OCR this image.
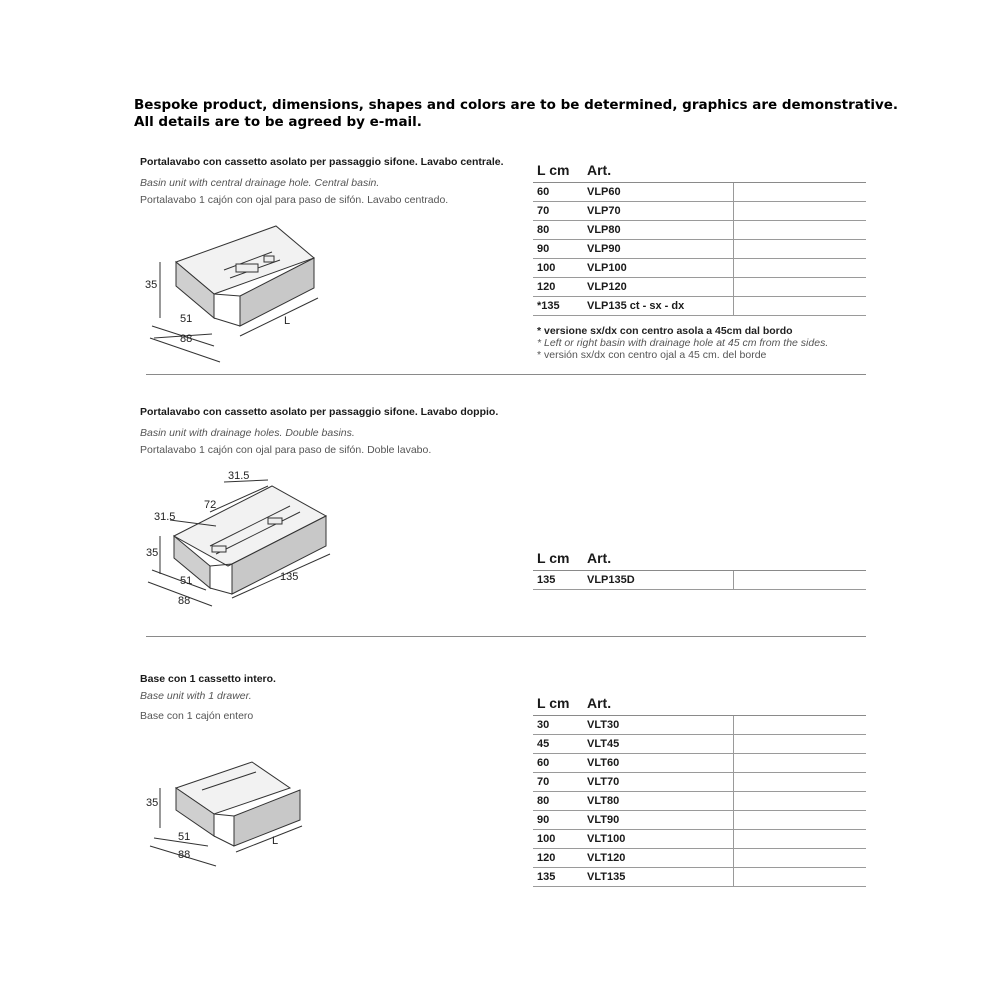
Bespoke product, dimensions, shapes and colors are to be determined, graphics are demonstrative.
All details are to be agreed by e-mail.
Portalavabo con cassetto asolato per passaggio sifone. Lavabo centrale.
Basin unit with central drainage hole. Central basin.
Portalavabo 1 cajón con ojal para paso de sifón. Lavabo centrado.
35
51
88
L
L cm Art.
60	VLP60
70	VLP70
80	VLP80
90	VLP90
100	VLP100
120	VLP120
*135 VLP135 ct - sx - dx
* versione sx/dx con centro asola a 45cm dal bordo
* Left or right basin with drainage hole at 45 cm from the sides.
* versión sx/dx con centro ojal a 45 cm. del borde
Portalavabo con cassetto asolato per passaggio sifone. Lavabo doppio.
Basin unit with drainage holes. Double basins.
Portalavabo 1 cajón con ojal para paso de sifón. Doble lavabo.
35
51
88
135
31.5
72
31.5
L cm Art.
135	VLP135D
Base con 1 cassetto intero.
Base unit with 1 drawer.
Base con 1 cajón entero
35
51
88
L
L cm Art.
30	VLT30
45	VLT45
60	VLT60
70	VLT70
80	VLT80
90	VLT90
100	VLT100
120	VLT120
135	VLT135
